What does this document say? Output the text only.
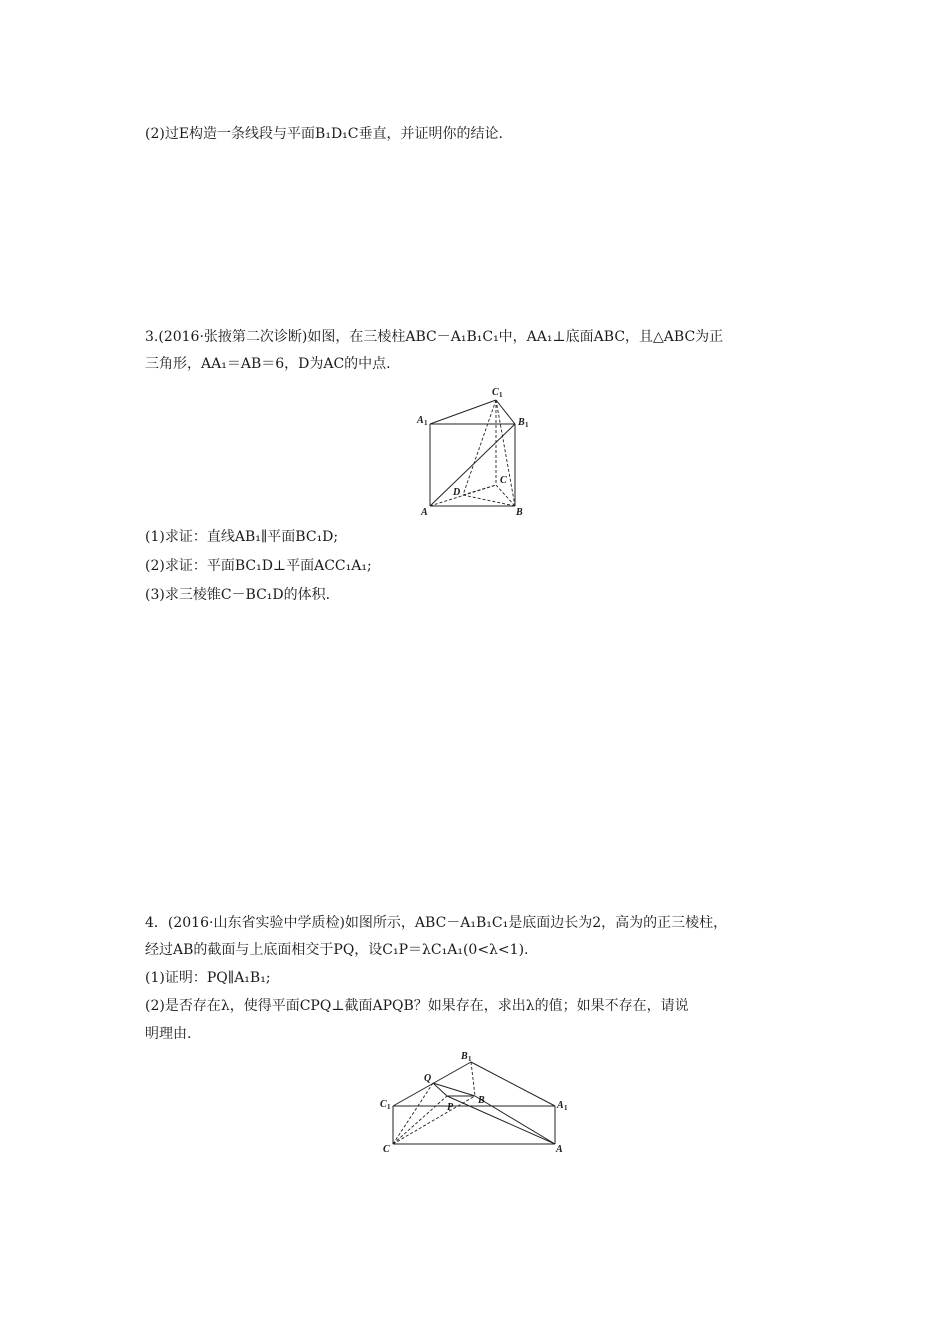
(2)过E构造一条线段与平面B₁D₁C垂直，并证明你的结论.
3.(2016·张掖第二次诊断)如图，在三棱柱ABC－A₁B₁C₁中，AA₁⊥底面ABC，且△ABC为正
三角形，AA₁＝AB＝6，D为AC的中点.
C 1
A 1	B 1
C
D
A	B
(1)求证：直线AB₁∥平面BC₁D;
(2)求证：平面BC₁D⊥平面ACC₁A₁;
(3)求三棱锥C－BC₁D的体积.
4．(2016·山东省实验中学质检)如图所示，ABC－A₁B₁C₁是底面边长为2，高为的正三棱柱，
经过AB的截面与上底面相交于PQ，设C₁P＝λC₁A₁(0<λ<1).
(1)证明：PQ∥A₁B₁;
(2)是否存在λ，使得平面CPQ⊥截面APQB？如果存在，求出λ的值；如果不存在，请说
明理由.
B 1
Q
C 1
B	A 1
P
C	A
